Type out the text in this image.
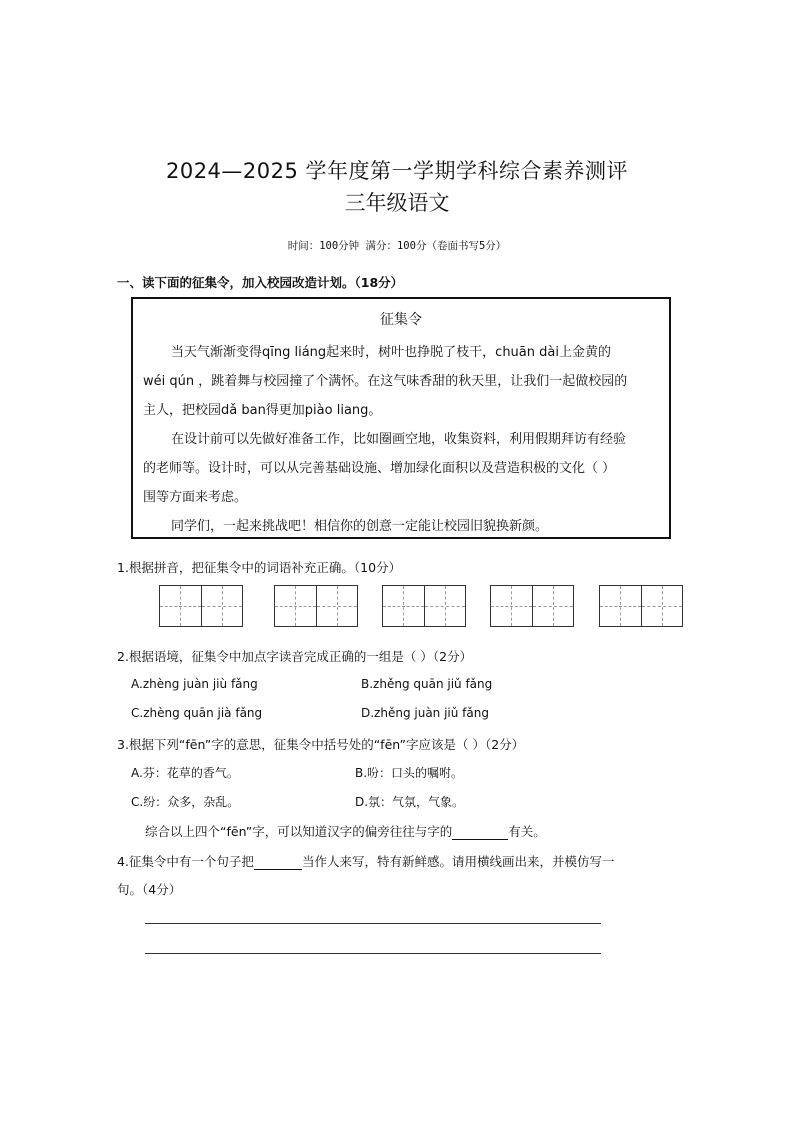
2024—2025 学年度第一学期学科综合素养测评
三年级语文
时间：100分钟 满分：100分（卷面书写5分）
一、读下面的征集令，加入校园改造计划。（18分）
征集令
当天气渐渐变得qīng liáng起来时，树叶也挣脱了枝干，chuān dài上金黄的
wéi qún ，跳着舞与校园撞了个满怀。在这气味香甜的秋天里，让我们一起做校园的
主人，把校园dǎ ban得更加piào liang。
在设计前可以先做好准备工作，比如圈画空地，收集资料，利用假期拜访有经验
的老师等。设计时，可以从完善基础设施、增加绿化面积以及营造积极的文化（ ）
围等方面来考虑。
同学们，一起来挑战吧！相信你的创意一定能让校园旧貌换新颜。
1.根据拼音，把征集令中的词语补充正确。（10分）
2.根据语境，征集令中加点字读音完成正确的一组是（ ）（2分）
A.zhèng juàn jiù fǎng	B.zhěng quān jiǔ fǎng
C.zhèng quān jià fǎng	D.zhěng juàn jiǔ fǎng
3.根据下列“fēn”字的意思，征集令中括号处的“fēn”字应该是（ ）（2分）
A.芬：花草的香气。	B.吩：口头的嘱咐。
C.纷：众多，杂乱。	D.氛：气氛，气象。
综合以上四个“fēn”字，可以知道汉字的偏旁往往与字的	有关。
4.征集令中有一个句子把	当作人来写，特有新鲜感。请用横线画出来，并模仿写一
句。（4分）
